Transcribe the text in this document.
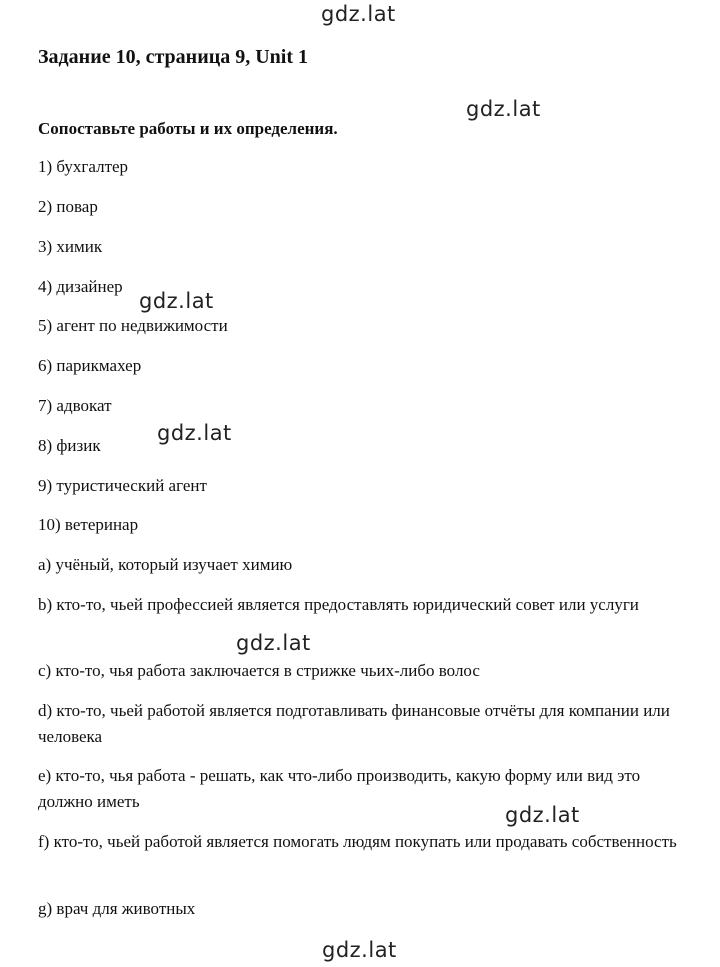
gdz.lat
gdz.lat
gdz.lat
gdz.lat
gdz.lat
gdz.lat
gdz.lat
Задание 10, страница 9, Unit 1
Сопоставьте работы и их определения.
1) бухгалтер
2) повар
3) химик
4) дизайнер
5) агент по недвижимости
6) парикмахер
7) адвокат
8) физик
9) туристический агент
10) ветеринар
a) учёный, который изучает химию
b) кто-то, чьей профессией является предоставлять юридический совет или услуги
c) кто-то, чья работа заключается в стрижке чьих-либо волос
d) кто-то, чьей работой является подготавливать финансовые отчёты для компании или человека
e) кто-то, чья работа - решать, как что-либо производить, какую форму или вид это должно иметь
f) кто-то, чьей работой является помогать людям покупать или продавать собственность
g) врач для животных
